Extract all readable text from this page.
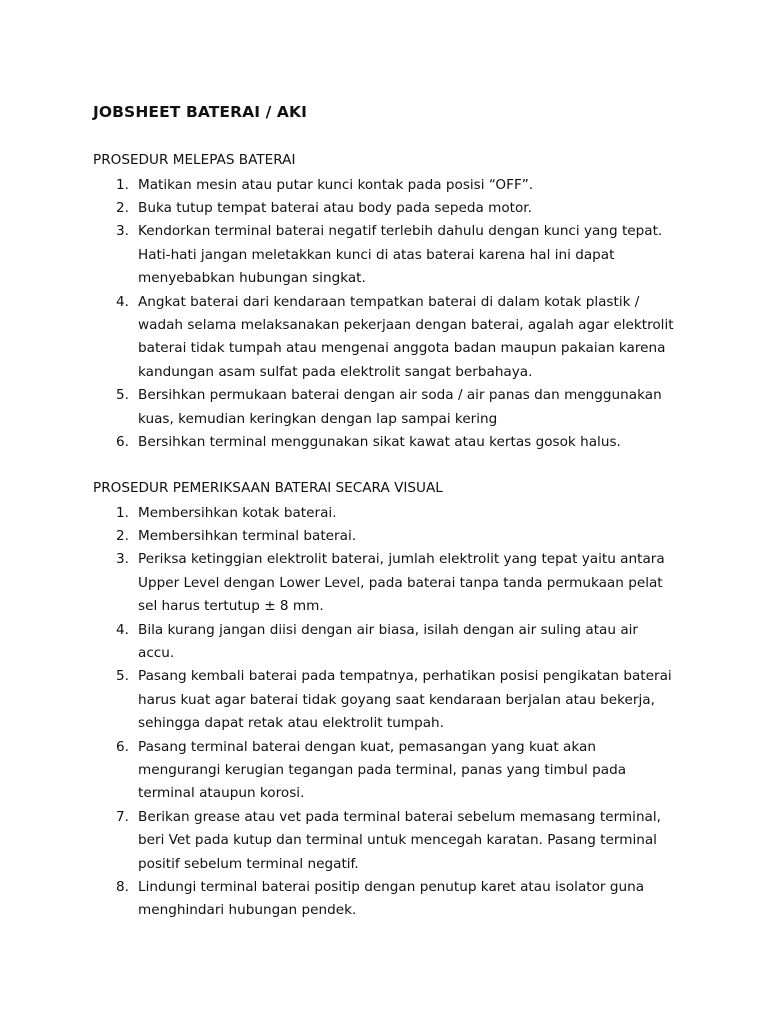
JOBSHEET BATERAI / AKI
PROSEDUR MELEPAS BATERAI
1. Matikan mesin atau putar kunci kontak pada posisi “OFF”.
2. Buka tutup tempat baterai atau body pada sepeda motor.
3. Kendorkan terminal baterai negatif terlebih dahulu dengan kunci yang tepat.
Hati-hati jangan meletakkan kunci di atas baterai karena hal ini dapat
menyebabkan hubungan singkat.
4. Angkat baterai dari kendaraan tempatkan baterai di dalam kotak plastik /
wadah selama melaksanakan pekerjaan dengan baterai, agalah agar elektrolit
baterai tidak tumpah atau mengenai anggota badan maupun pakaian karena
kandungan asam sulfat pada elektrolit sangat berbahaya.
5. Bersihkan permukaan baterai dengan air soda / air panas dan menggunakan
kuas, kemudian keringkan dengan lap sampai kering
6. Bersihkan terminal menggunakan sikat kawat atau kertas gosok halus.
PROSEDUR PEMERIKSAAN BATERAI SECARA VISUAL
1. Membersihkan kotak baterai.
2. Membersihkan terminal baterai.
3. Periksa ketinggian elektrolit baterai, jumlah elektrolit yang tepat yaitu antara
Upper Level dengan Lower Level, pada baterai tanpa tanda permukaan pelat
sel harus tertutup ± 8 mm.
4. Bila kurang jangan diisi dengan air biasa, isilah dengan air suling atau air
accu.
5. Pasang kembali baterai pada tempatnya, perhatikan posisi pengikatan baterai
harus kuat agar baterai tidak goyang saat kendaraan berjalan atau bekerja,
sehingga dapat retak atau elektrolit tumpah.
6. Pasang terminal baterai dengan kuat, pemasangan yang kuat akan
mengurangi kerugian tegangan pada terminal, panas yang timbul pada
terminal ataupun korosi.
7. Berikan grease atau vet pada terminal baterai sebelum memasang terminal,
beri Vet pada kutup dan terminal untuk mencegah karatan. Pasang terminal
positif sebelum terminal negatif.
8. Lindungi terminal baterai positip dengan penutup karet atau isolator guna
menghindari hubungan pendek.
